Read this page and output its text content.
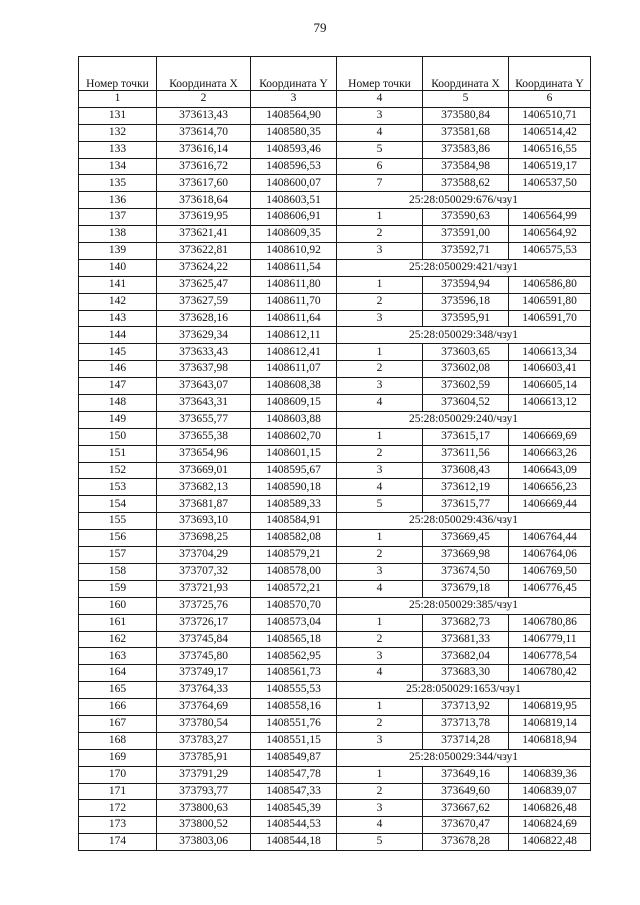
79
Номер точки	Координата X	Координата Y	Номер точки	Координата X	Координата Y
1	2	3	4	5	6
131	373613,43	1408564,90	3	373580,84	1406510,71
132	373614,70	1408580,35	4	373581,68	1406514,42
133	373616,14	1408593,46	5	373583,86	1406516,55
134	373616,72	1408596,53	6	373584,98	1406519,17
135	373617,60	1408600,07	7	373588,62	1406537,50
136	373618,64	1408603,51	25:28:050029:676/чзу1		
137	373619,95	1408606,91	1	373590,63	1406564,99
138	373621,41	1408609,35	2	373591,00	1406564,92
139	373622,81	1408610,92	3	373592,71	1406575,53
140	373624,22	1408611,54	25:28:050029:421/чзу1		
141	373625,47	1408611,80	1	373594,94	1406586,80
142	373627,59	1408611,70	2	373596,18	1406591,80
143	373628,16	1408611,64	3	373595,91	1406591,70
144	373629,34	1408612,11	25:28:050029:348/чзу1		
145	373633,43	1408612,41	1	373603,65	1406613,34
146	373637,98	1408611,07	2	373602,08	1406603,41
147	373643,07	1408608,38	3	373602,59	1406605,14
148	373643,31	1408609,15	4	373604,52	1406613,12
149	373655,77	1408603,88	25:28:050029:240/чзу1		
150	373655,38	1408602,70	1	373615,17	1406669,69
151	373654,96	1408601,15	2	373611,56	1406663,26
152	373669,01	1408595,67	3	373608,43	1406643,09
153	373682,13	1408590,18	4	373612,19	1406656,23
154	373681,87	1408589,33	5	373615,77	1406669,44
155	373693,10	1408584,91	25:28:050029:436/чзу1		
156	373698,25	1408582,08	1	373669,45	1406764,44
157	373704,29	1408579,21	2	373669,98	1406764,06
158	373707,32	1408578,00	3	373674,50	1406769,50
159	373721,93	1408572,21	4	373679,18	1406776,45
160	373725,76	1408570,70	25:28:050029:385/чзу1		
161	373726,17	1408573,04	1	373682,73	1406780,86
162	373745,84	1408565,18	2	373681,33	1406779,11
163	373745,80	1408562,95	3	373682,04	1406778,54
164	373749,17	1408561,73	4	373683,30	1406780,42
165	373764,33	1408555,53	25:28:050029:1653/чзу1		
166	373764,69	1408558,16	1	373713,92	1406819,95
167	373780,54	1408551,76	2	373713,78	1406819,14
168	373783,27	1408551,15	3	373714,28	1406818,94
169	373785,91	1408549,87	25:28:050029:344/чзу1		
170	373791,29	1408547,78	1	373649,16	1406839,36
171	373793,77	1408547,33	2	373649,60	1406839,07
172	373800,63	1408545,39	3	373667,62	1406826,48
173	373800,52	1408544,53	4	373670,47	1406824,69
174	373803,06	1408544,18	5	373678,28	1406822,48
